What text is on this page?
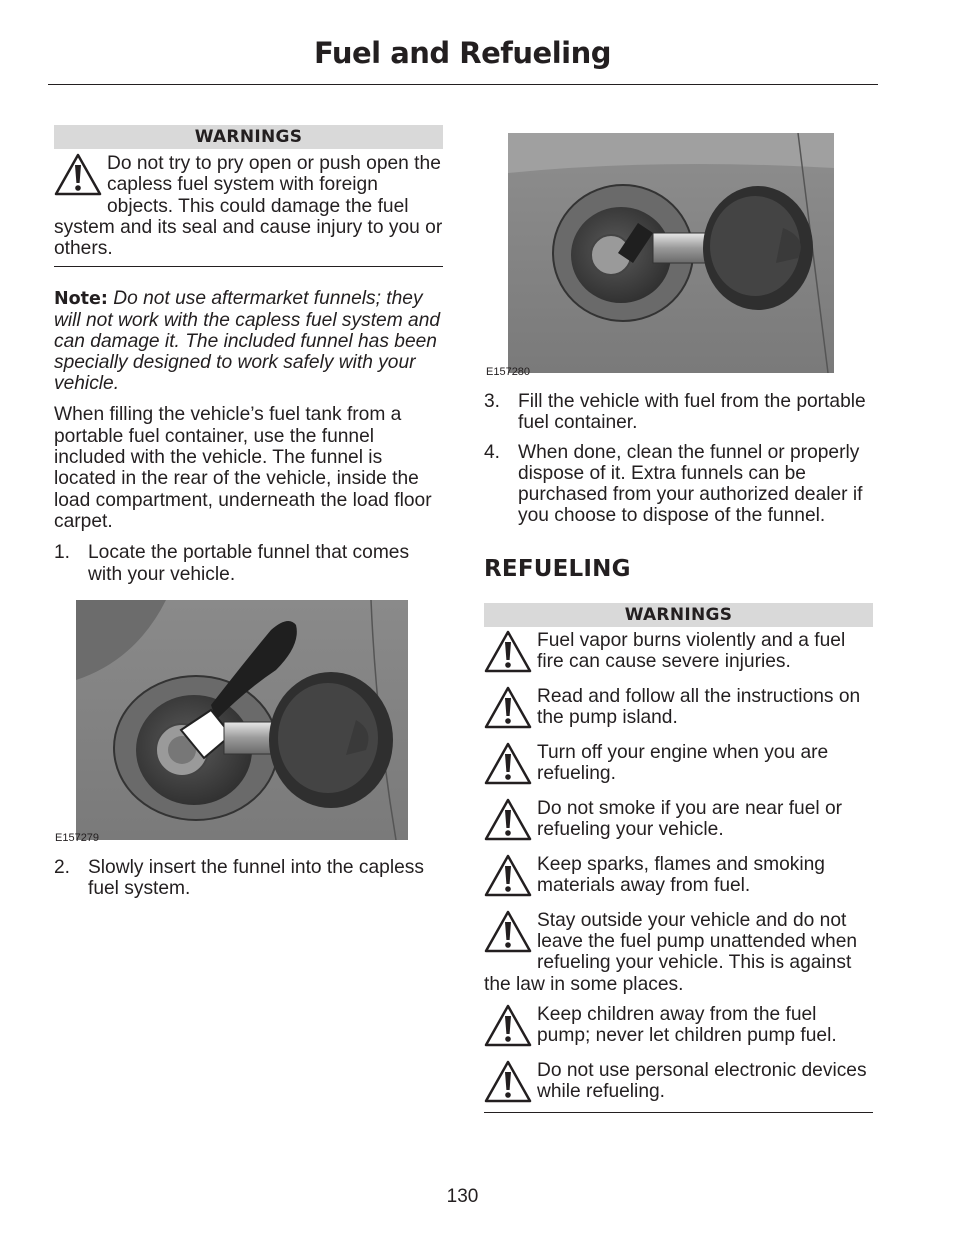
Fuel and Refueling
WARNINGS
Do not try to pry open or push open the capless fuel system with foreign objects. This could damage the fuel system and its seal and cause injury to you or others.

Note: Do not use aftermarket funnels; they will not work with the capless fuel system and can damage it. The included funnel has been specially designed to work safely with your vehicle.

When filling the vehicle’s fuel tank from a portable fuel container, use the funnel included with the vehicle. The funnel is located in the rear of the vehicle, inside the load compartment, underneath the load floor carpet.

1. Locate the portable funnel that comes with your vehicle.
E157279
2. Slowly insert the funnel into the capless fuel system.
E157280
3. Fill the vehicle with fuel from the portable fuel container.
4. When done, clean the funnel or properly dispose of it. Extra funnels can be purchased from your authorized dealer if you choose to dispose of the funnel.
REFUELING
WARNINGS
Fuel vapor burns violently and a fuel fire can cause severe injuries.
Read and follow all the instructions on the pump island.
Turn off your engine when you are refueling.
Do not smoke if you are near fuel or refueling your vehicle.
Keep sparks, flames and smoking materials away from fuel.
Stay outside your vehicle and do not leave the fuel pump unattended when refueling your vehicle. This is against the law in some places.
Keep children away from the fuel pump; never let children pump fuel.
Do not use personal electronic devices while refueling.
130
